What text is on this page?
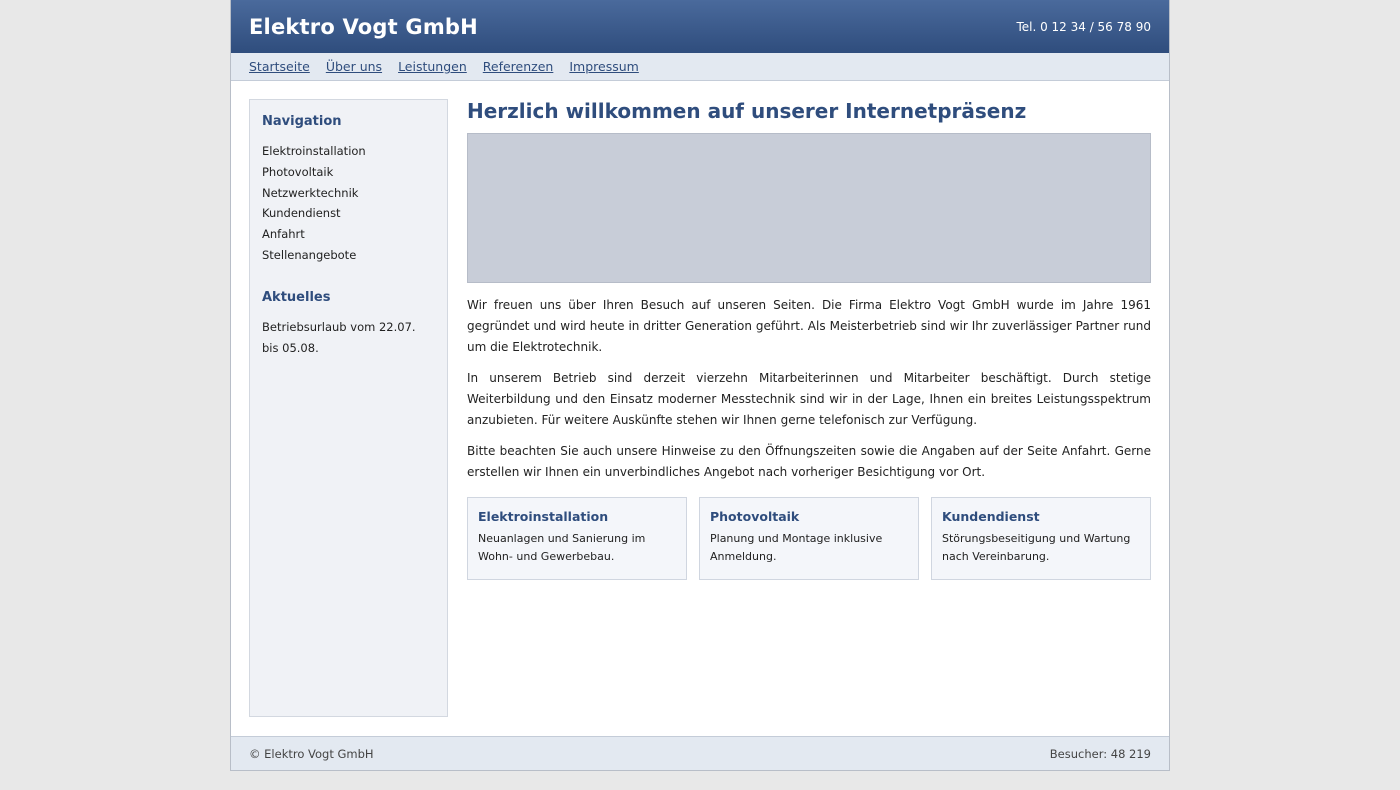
Elektro Vogt GmbH	Tel. 0 12 34 / 56 78 90
Startseite Über uns Leistungen Referenzen Impressum
Navigation
Elektroinstallation
Photovoltaik
Netzwerktechnik
Kundendienst
Anfahrt
Stellenangebote
Aktuelles
Betriebsurlaub vom 22.07. bis 05.08.
Herzlich willkommen auf unserer Internetpräsenz

Wir freuen uns über Ihren Besuch auf unseren Seiten. Die Firma Elektro Vogt GmbH wurde im Jahre 1961 gegründet und wird heute in dritter Generation geführt. Als Meisterbetrieb sind wir Ihr zuverlässiger Partner rund um die Elektrotechnik.

In unserem Betrieb sind derzeit vierzehn Mitarbeiterinnen und Mitarbeiter beschäftigt. Durch stetige Weiterbildung und den Einsatz moderner Messtechnik sind wir in der Lage, Ihnen ein breites Leistungsspektrum anzubieten. Für weitere Auskünfte stehen wir Ihnen gerne telefonisch zur Verfügung.

Bitte beachten Sie auch unsere Hinweise zu den Öffnungszeiten sowie die Angaben auf der Seite Anfahrt. Gerne erstellen wir Ihnen ein unverbindliches Angebot nach vorheriger Besichtigung vor Ort.

Elektroinstallation
Neuanlagen und Sanierung im Wohn- und Gewerbebau.
Photovoltaik
Planung und Montage inklusive Anmeldung.
Kundendienst
Störungsbeseitigung und Wartung nach Vereinbarung.
© Elektro Vogt GmbH	Besucher: 48 219
